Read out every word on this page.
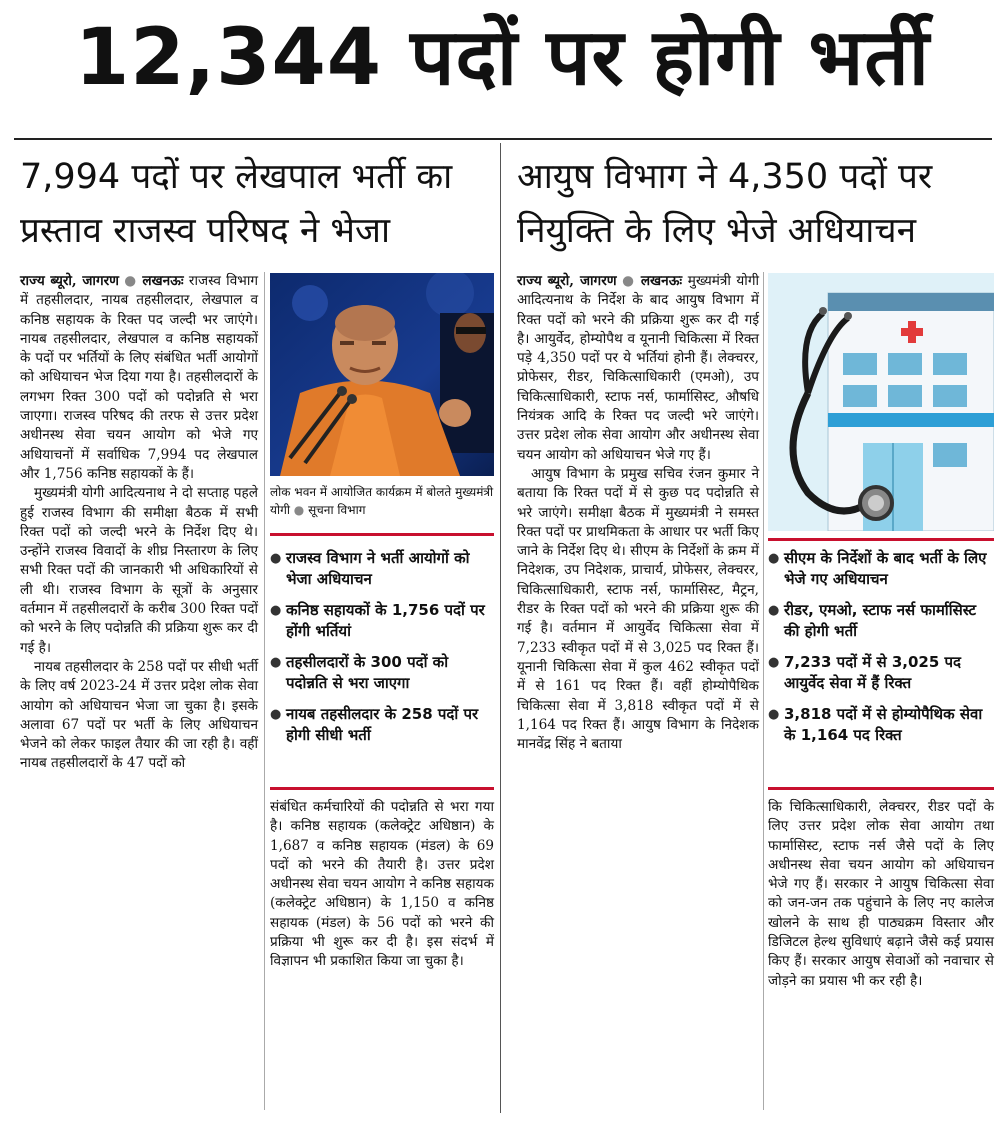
12,344 पदों पर होगी भर्ती
7,994 पदों पर लेखपाल भर्ती का
प्रस्ताव राजस्व परिषद ने भेजा

राज्य ब्यूरो, जागरण ● लखनऊः राजस्व विभाग में तहसीलदार, नायब तहसीलदार, लेखपाल व कनिष्ठ सहायक के रिक्त पद जल्दी भर जाएंगे। नायब तहसीलदार, लेखपाल व कनिष्ठ सहायकों के पदों पर भर्तियों के लिए संबंधित भर्ती आयोगों को अधियाचन भेज दिया गया है। तहसीलदारों के लगभग रिक्त 300 पदों को पदोन्नति से भरा जाएगा। राजस्व परिषद की तरफ से उत्तर प्रदेश अधीनस्थ सेवा चयन आयोग को भेजे गए अधियाचनों में सर्वाधिक 7,994 पद लेखपाल और 1,756 कनिष्ठ सहायकों के हैं।

मुख्यमंत्री योगी आदित्यनाथ ने दो सप्ताह पहले हुई राजस्व विभाग की समीक्षा बैठक में सभी रिक्त पदों को जल्दी भरने के निर्देश दिए थे। उन्होंने राजस्व विवादों के शीघ्र निस्तारण के लिए सभी रिक्त पदों की जानकारी भी अधिकारियों से ली थी। राजस्व विभाग के सूत्रों के अनुसार वर्तमान में तहसीलदारों के करीब 300 रिक्त पदों को भरने के लिए पदोन्नति की प्रक्रिया शुरू कर दी गई है।

नायब तहसीलदार के 258 पदों पर सीधी भर्ती के लिए वर्ष 2023-24 में उत्तर प्रदेश लोक सेवा आयोग को अधियाचन भेजा जा चुका है। इसके अलावा 67 पदों पर भर्ती के लिए अधियाचन भेजने को लेकर फाइल तैयार की जा रही है। वहीं नायब तहसीलदारों के 47 पदों को

लोक भवन में आयोजित कार्यक्रम में बोलते मुख्यमंत्री योगी ● सूचना विभाग
● राजस्व विभाग ने भर्ती आयोगों को भेजा अधियाचन
● कनिष्ठ सहायकों के 1,756 पदों पर होंगी भर्तियां
● तहसीलदारों के 300 पदों को पदोन्नति से भरा जाएगा
● नायब तहसीलदार के 258 पदों पर होगी सीधी भर्ती

संबंधित कर्मचारियों की पदोन्नति से भरा गया है। कनिष्ठ सहायक (कलेक्ट्रेट अधिष्ठान) के 1,687 व कनिष्ठ सहायक (मंडल) के 69 पदों को भरने की तैयारी है। उत्तर प्रदेश अधीनस्थ सेवा चयन आयोग ने कनिष्ठ सहायक (कलेक्ट्रेट अधिष्ठान) के 1,150 व कनिष्ठ सहायक (मंडल) के 56 पदों को भरने की प्रक्रिया भी शुरू कर दी है। इस संदर्भ में विज्ञापन भी प्रकाशित किया जा चुका है।

आयुष विभाग ने 4,350 पदों पर
नियुक्ति के लिए भेजे अधियाचन

राज्य ब्यूरो, जागरण ● लखनऊः मुख्यमंत्री योगी आदित्यनाथ के निर्देश के बाद आयुष विभाग में रिक्त पदों को भरने की प्रक्रिया शुरू कर दी गई है। आयुर्वेद, होम्योपैथ व यूनानी चिकित्सा में रिक्त पड़े 4,350 पदों पर ये भर्तियां होनी हैं। लेक्चरर, प्रोफेसर, रीडर, चिकित्साधिकारी (एमओ), उप चिकित्साधिकारी, स्टाफ नर्स, फार्मासिस्ट, औषधि नियंत्रक आदि के रिक्त पद जल्दी भरे जाएंगे। उत्तर प्रदेश लोक सेवा आयोग और अधीनस्थ सेवा चयन आयोग को अधियाचन भेजे गए हैं।

आयुष विभाग के प्रमुख सचिव रंजन कुमार ने बताया कि रिक्त पदों में से कुछ पद पदोन्नति से भरे जाएंगे। समीक्षा बैठक में मुख्यमंत्री ने समस्त रिक्त पदों पर प्राथमिकता के आधार पर भर्ती किए जाने के निर्देश दिए थे। सीएम के निर्देशों के क्रम में निदेशक, उप निदेशक, प्राचार्य, प्रोफेसर, लेक्चरर, चिकित्साधिकारी, स्टाफ नर्स, फार्मासिस्ट, मैट्रन, रीडर के रिक्त पदों को भरने की प्रक्रिया शुरू की गई है। वर्तमान में आयुर्वेद चिकित्सा सेवा में 7,233 स्वीकृत पदों में से 3,025 पद रिक्त हैं। यूनानी चिकित्सा सेवा में कुल 462 स्वीकृत पदों में से 161 पद रिक्त हैं। वहीं होम्योपैथिक चिकित्सा सेवा में 3,818 स्वीकृत पदों में से 1,164 पद रिक्त हैं। आयुष विभाग के निदेशक मानवेंद्र सिंह ने बताया

● सीएम के निर्देशों के बाद भर्ती के लिए भेजे गए अधियाचन
● रीडर, एमओ, स्टाफ नर्स फार्मासिस्ट की होगी भर्ती
● 7,233 पदों में से 3,025 पद आयुर्वेद सेवा में हैं रिक्त
● 3,818 पदों में से होम्योपैथिक सेवा के 1,164 पद रिक्त

कि चिकित्साधिकारी, लेक्चरर, रीडर पदों के लिए उत्तर प्रदेश लोक सेवा आयोग तथा फार्मासिस्ट, स्टाफ नर्स जैसे पदों के लिए अधीनस्थ सेवा चयन आयोग को अधियाचन भेजे गए हैं। सरकार ने आयुष चिकित्सा सेवा को जन-जन तक पहुंचाने के लिए नए कालेज खोलने के साथ ही पाठ्यक्रम विस्तार और डिजिटल हेल्थ सुविधाएं बढ़ाने जैसे कई प्रयास किए हैं। सरकार आयुष सेवाओं को नवाचार से जोड़ने का प्रयास भी कर रही है।
